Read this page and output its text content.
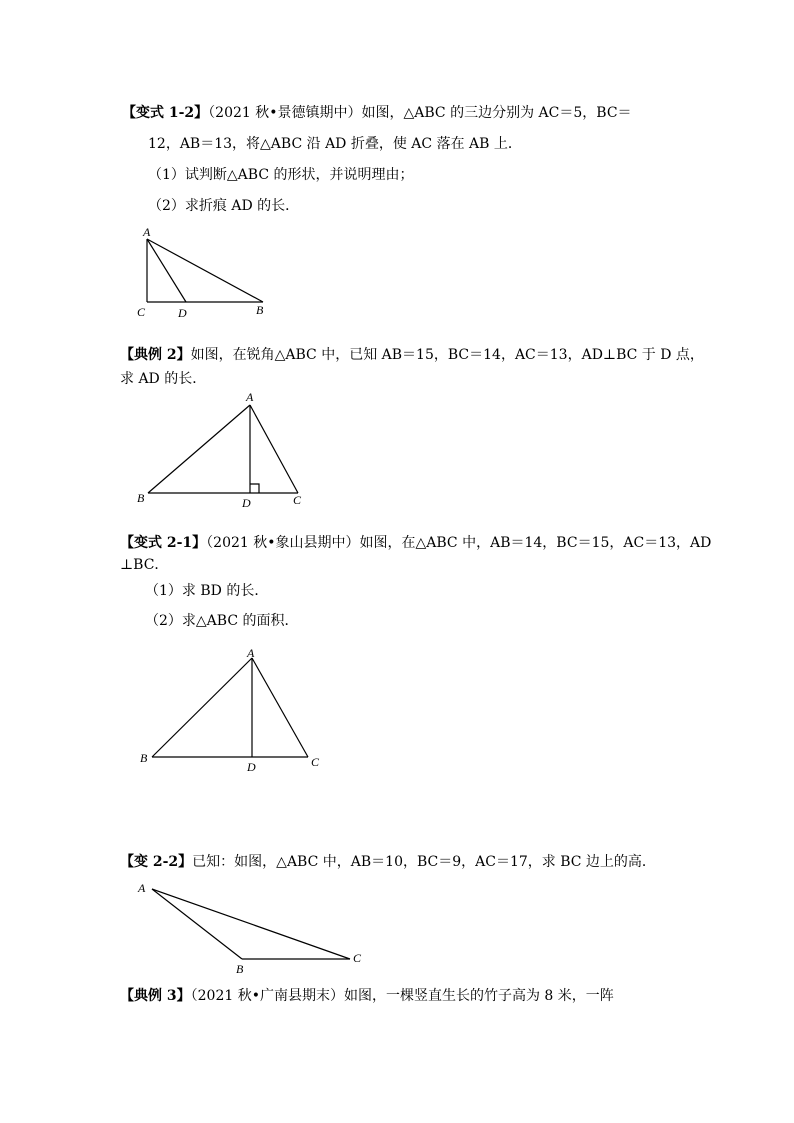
【变式 1-2】（2021 秋•景德镇期中）如图，△ABC 的三边分别为 AC＝5，BC＝
12，AB＝13，将△ABC 沿 AD 折叠，使 AC 落在 AB 上．
（1）试判断△ABC 的形状，并说明理由；
（2）求折痕 AD 的长．
A
C	D	B
【典例 2】如图，在锐角△ABC 中，已知 AB＝15，BC＝14，AC＝13，AD⊥BC 于 D 点，
求 AD 的长．
A
B	D	C
【变式 2-1】（2021 秋•象山县期中）如图，在△ABC 中，AB＝14，BC＝15，AC＝13，AD
⊥BC．
（1）求 BD 的长．
（2）求△ABC 的面积．
A
B
D	C
【变 2-2】已知：如图，△ABC 中，AB＝10，BC＝9，AC＝17，求 BC 边上的高．
A
B
C
【典例 3】（2021 秋•广南县期末）如图，一棵竖直生长的竹子高为 8 米，一阵
